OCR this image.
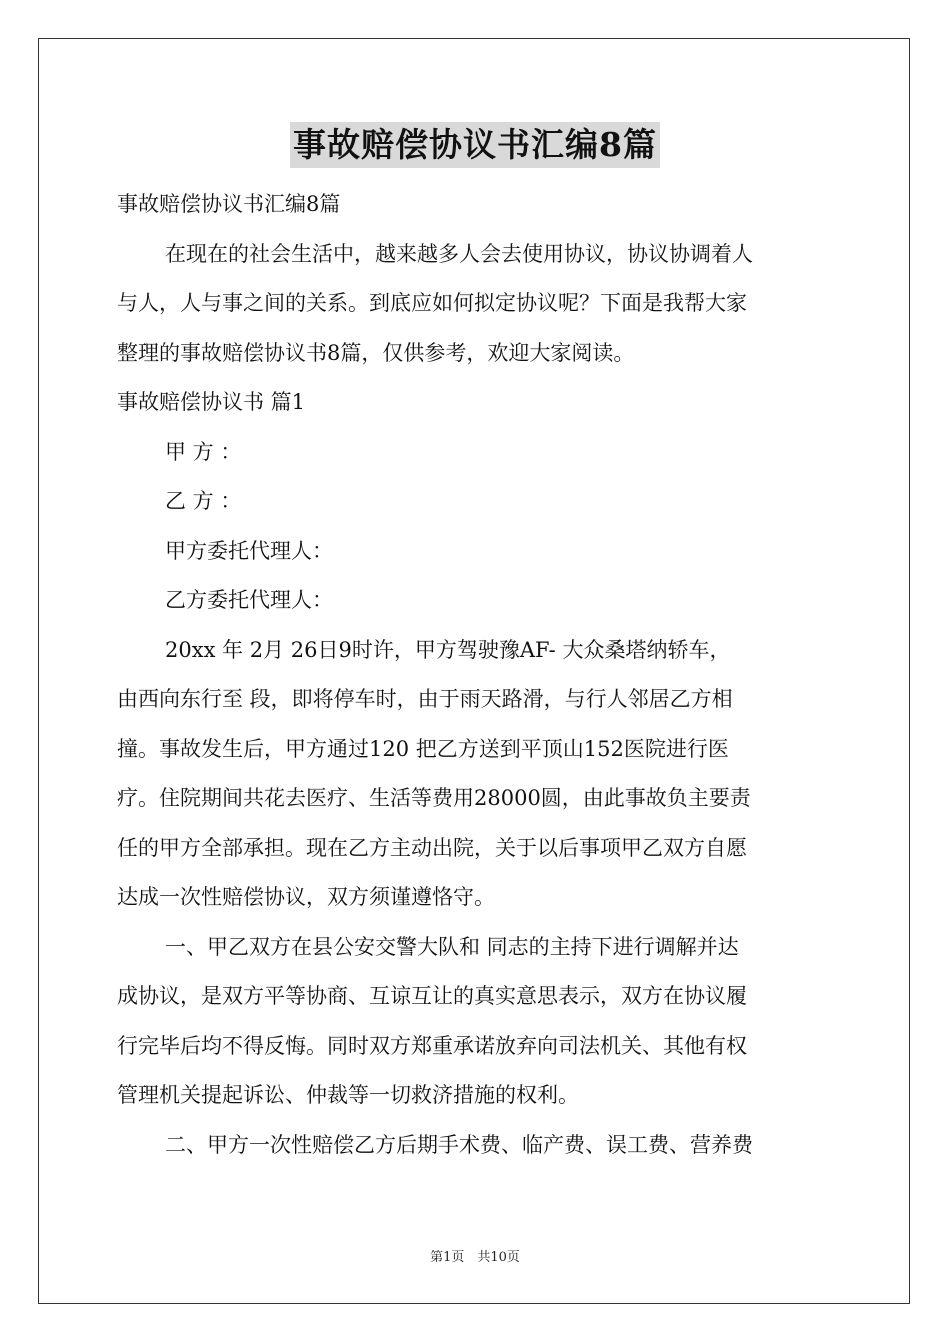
事故赔偿协议书汇编8篇
事故赔偿协议书汇编8篇
在现在的社会生活中，越来越多人会去使用协议，协议协调着人
与人，人与事之间的关系。到底应如何拟定协议呢？下面是我帮大家
整理的事故赔偿协议书8篇，仅供参考，欢迎大家阅读。
事故赔偿协议书 篇1
甲 方 ：
乙 方 ：
甲方委托代理人：
乙方委托代理人：
20xx 年 2月 26日9时许，甲方驾驶豫AF- 大众桑塔纳轿车，
由西向东行至 段，即将停车时，由于雨天路滑，与行人邻居乙方相
撞。事故发生后，甲方通过120 把乙方送到平顶山152医院进行医
疗。住院期间共花去医疗、生活等费用28000圆，由此事故负主要责
任的甲方全部承担。现在乙方主动出院，关于以后事项甲乙双方自愿
达成一次性赔偿协议，双方须谨遵恪守。
一、甲乙双方在县公安交警大队和 同志的主持下进行调解并达
成协议，是双方平等协商、互谅互让的真实意思表示，双方在协议履
行完毕后均不得反悔。同时双方郑重承诺放弃向司法机关、其他有权
管理机关提起诉讼、仲裁等一切救济措施的权利。
二、甲方一次性赔偿乙方后期手术费、临产费、误工费、营养费
第1页　共10页
